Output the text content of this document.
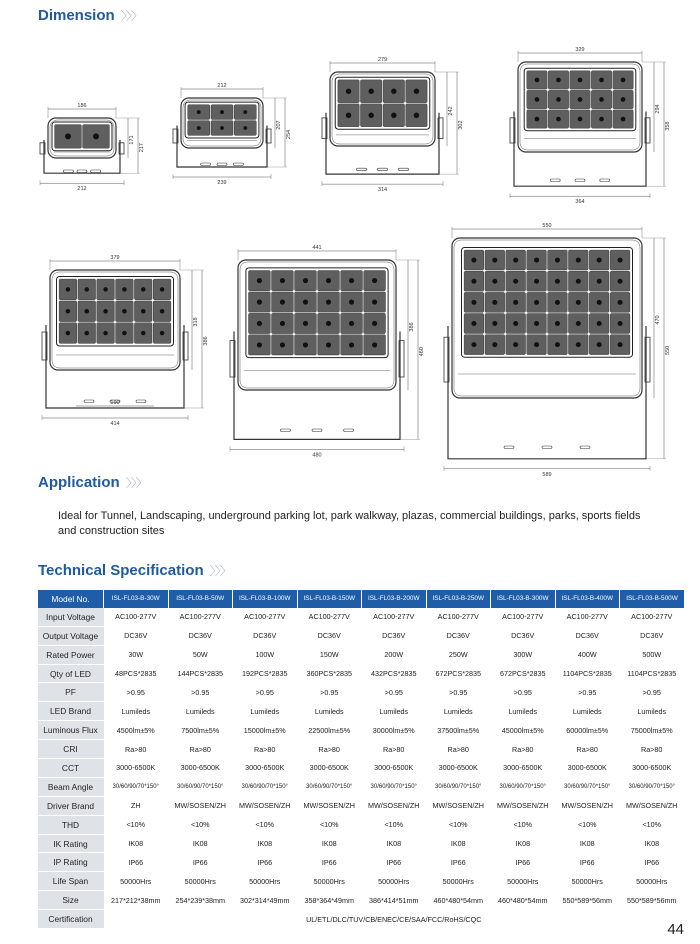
Dimension 〉〉〉
186
171
217
212
212
207
254
239
279
242
302
314
329
294
358
364
379
318
386
414
190
441
386
460
480
550
470
550
589
Application 〉〉〉
Ideal for Tunnel, Landscaping, underground parking lot, park walkway, plazas, commercial buildings, parks, sports fields and construction sites
Technical Specification 〉〉〉
Model No.	ISL-FL03-B-30W	ISL-FL03-B-50W	ISL-FL03-B-100W	ISL-FL03-B-150W	ISL-FL03-B-200W	ISL-FL03-B-250W	ISL-FL03-B-300W	ISL-FL03-B-400W	ISL-FL03-B-500W
Input Voltage	AC100-277V	AC100-277V	AC100-277V	AC100-277V	AC100-277V	AC100-277V	AC100-277V	AC100-277V	AC100-277V
Output Voltage	DC36V	DC36V	DC36V	DC36V	DC36V	DC36V	DC36V	DC36V	DC36V
Rated Power	30W	50W	100W	150W	200W	250W	300W	400W	500W
Qty of LED	48PCS*2835	144PCS*2835	192PCS*2835	360PCS*2835	432PCS*2835	672PCS*2835	672PCS*2835	1104PCS*2835	1104PCS*2835
PF	>0.95	>0.95	>0.95	>0.95	>0.95	>0.95	>0.95	>0.95	>0.95
LED Brand	Lumileds	Lumileds	Lumileds	Lumileds	Lumileds	Lumileds	Lumileds	Lumileds	Lumileds
Luminous Flux	4500lm±5%	7500lm±5%	15000lm±5%	22500lm±5%	30000lm±5%	37500lm±5%	45000lm±5%	60000lm±5%	75000lm±5%
CRI	Ra>80	Ra>80	Ra>80	Ra>80	Ra>80	Ra>80	Ra>80	Ra>80	Ra>80
CCT	3000-6500K	3000-6500K	3000-6500K	3000-6500K	3000-6500K	3000-6500K	3000-6500K	3000-6500K	3000-6500K
Beam Angle	30/60/90/70*150°	30/60/90/70*150°	30/60/90/70*150°	30/60/90/70*150°	30/60/90/70*150°	30/60/90/70*150°	30/60/90/70*150°	30/60/90/70*150°	30/60/90/70*150°
Driver Brand	ZH	MW/SOSEN/ZH	MW/SOSEN/ZH	MW/SOSEN/ZH	MW/SOSEN/ZH	MW/SOSEN/ZH	MW/SOSEN/ZH	MW/SOSEN/ZH	MW/SOSEN/ZH
THD	<10%	<10%	<10%	<10%	<10%	<10%	<10%	<10%	<10%
IK Rating	IK08	IK08	IK08	IK08	IK08	IK08	IK08	IK08	IK08
IP Rating	IP66	IP66	IP66	IP66	IP66	IP66	IP66	IP66	IP66
Life Span	50000Hrs	50000Hrs	50000Hrs	50000Hrs	50000Hrs	50000Hrs	50000Hrs	50000Hrs	50000Hrs
Size	217*212*38mm	254*239*38mm	302*314*49mm	358*364*49mm	386*414*51mm	460*480*54mm	460*480*54mm	550*589*56mm	550*589*56mm
Certification	UL/ETL/DLC/TUV/CB/ENEC/CE/SAA/FCC/RoHS/CQC								
44
